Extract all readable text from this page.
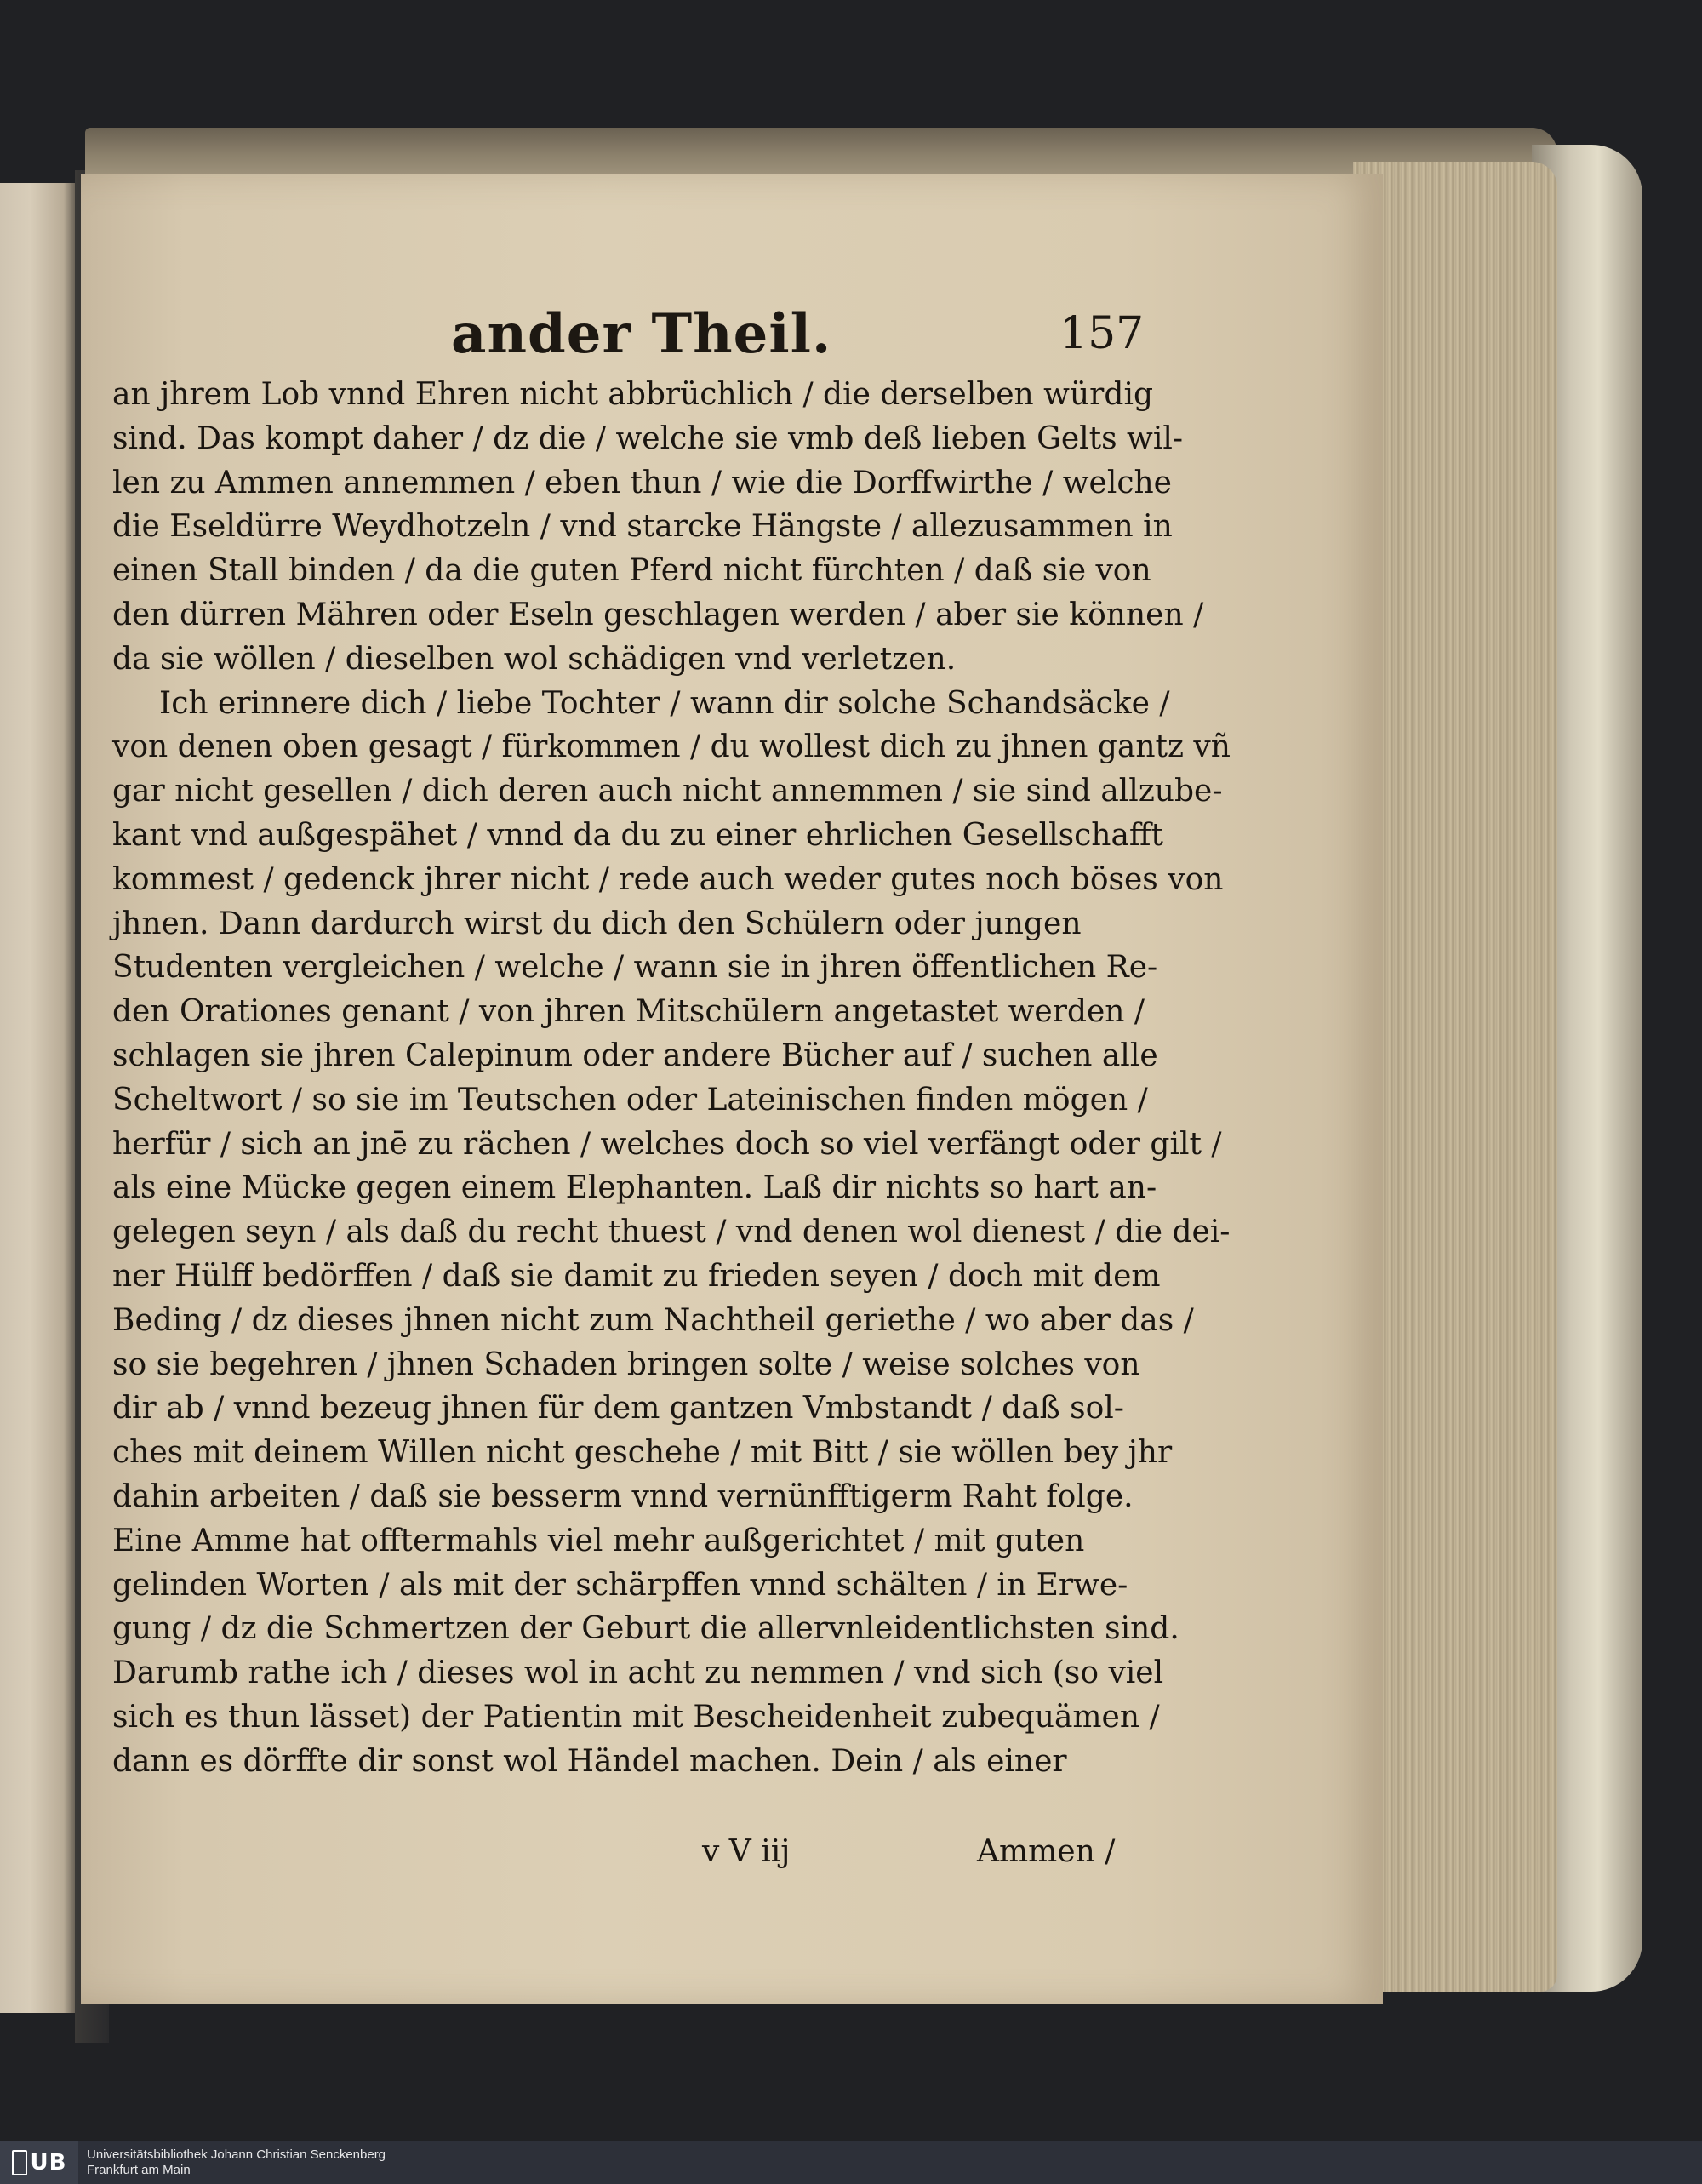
ander Theil.	157
an jhrem Lob vnnd Ehren nicht abbrüchlich / die derselben würdig
sind. Das kompt daher / dz die / welche sie vmb deß lieben Gelts wil-
len zu Ammen annemmen / eben thun / wie die Dorffwirthe / welche
die Eseldürre Weydhotzeln / vnd starcke Hängste / allezusammen in
einen Stall binden / da die guten Pferd nicht fürchten / daß sie von
den dürren Mähren oder Eseln geschlagen werden / aber sie können /
da sie wöllen / dieselben wol schädigen vnd verletzen.
Ich erinnere dich / liebe Tochter / wann dir solche Schandsäcke /
von denen oben gesagt / fürkommen / du wollest dich zu jhnen gantz vñ
gar nicht gesellen / dich deren auch nicht annemmen / sie sind allzube-
kant vnd außgespähet / vnnd da du zu einer ehrlichen Gesellschafft
kommest / gedenck jhrer nicht / rede auch weder gutes noch böses von
jhnen. Dann dardurch wirst du dich den Schülern oder jungen
Studenten vergleichen / welche / wann sie in jhren öffentlichen Re-
den Orationes genant / von jhren Mitschülern angetastet werden /
schlagen sie jhren Calepinum oder andere Bücher auf / suchen alle
Scheltwort / so sie im Teutschen oder Lateinischen finden mögen /
herfür / sich an jnē zu rächen / welches doch so viel verfängt oder gilt /
als eine Mücke gegen einem Elephanten. Laß dir nichts so hart an-
gelegen seyn / als daß du recht thuest / vnd denen wol dienest / die dei-
ner Hülff bedörffen / daß sie damit zu frieden seyen / doch mit dem
Beding / dz dieses jhnen nicht zum Nachtheil geriethe / wo aber das /
so sie begehren / jhnen Schaden bringen solte / weise solches von
dir ab / vnnd bezeug jhnen für dem gantzen Vmbstandt / daß sol-
ches mit deinem Willen nicht geschehe / mit Bitt / sie wöllen bey jhr
dahin arbeiten / daß sie besserm vnnd vernünfftigerm Raht folge.
Eine Amme hat offtermahls viel mehr außgerichtet / mit guten
gelinden Worten / als mit der schärpffen vnnd schälten / in Erwe-
gung / dz die Schmertzen der Geburt die allervnleidentlichsten sind.
Darumb rathe ich / dieses wol in acht zu nemmen / vnd sich (so viel
sich es thun lässet) der Patientin mit Bescheidenheit zubequämen /
dann es dörffte dir sonst wol Händel machen. Dein / als einer
v V iij	Ammen /
UB Universitätsbibliothek Johann Christian Senckenberg
Frankfurt am Main
